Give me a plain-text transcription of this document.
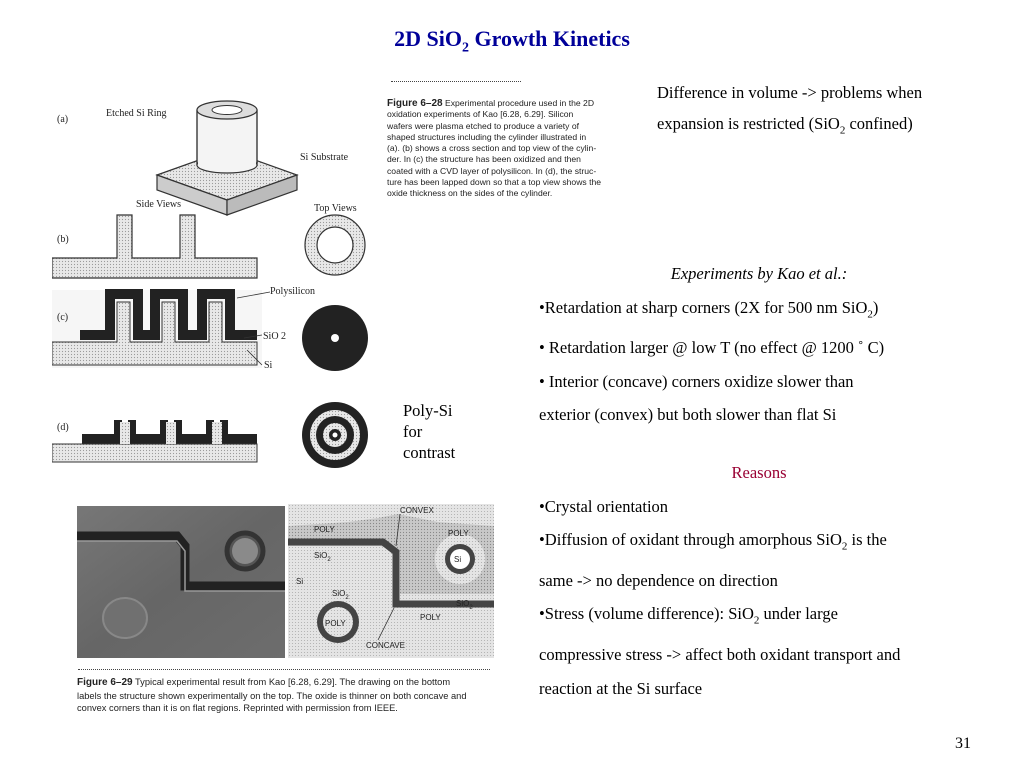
2D SiO$_2$ Growth Kinetics
Difference in volume -> problems when
expansion is restricted (SiO$_2$ confined)
Experiments by Kao et al.:
•Retardation at sharp corners (2X for 500 nm SiO$_2$)
• Retardation larger @ low T (no effect @ 1200 ˚ C)
• Interior (concave) corners oxidize slower than
exterior (convex) but both slower than flat Si
Reasons
•Crystal orientation
•Diffusion of oxidant through amorphous SiO$_2$ is the
same -> no dependence on direction
•Stress (volume difference): SiO$_2$ under large
compressive stress -> affect both oxidant transport and
reaction at the Si surface
Poly-Si
for
contrast
31
(a)
(b)
(c)
(d)
Etched Si Ring
Si Substrate
Side Views	Top Views
Polysilicon
SiO 2
Si
Figure 6–28 Experimental procedure used in the 2D
oxidation experiments of Kao [6.28, 6.29]. Silicon
wafers were plasma etched to produce a variety of
shaped structures including the cylinder illustrated in
(a). (b) shows a cross section and top view of the cylin-
der. In (c) the structure has been oxidized and then
coated with a CVD layer of polysilicon. In (d), the struc-
ture has been lapped down so that a top view shows the
oxide thickness on the sides of the cylinder.
CONVEX
POLY	POLY
POLY
POLY
SiO$_2$
SiO$_2$
SiO$_2$
Si
Si
CONCAVE
Figure 6–29 Typical experimental result from Kao [6.28, 6.29]. The drawing on the bottom
labels the structure shown experimentally on the top. The oxide is thinner on both concave and
convex corners than it is on flat regions. Reprinted with permission from IEEE.
